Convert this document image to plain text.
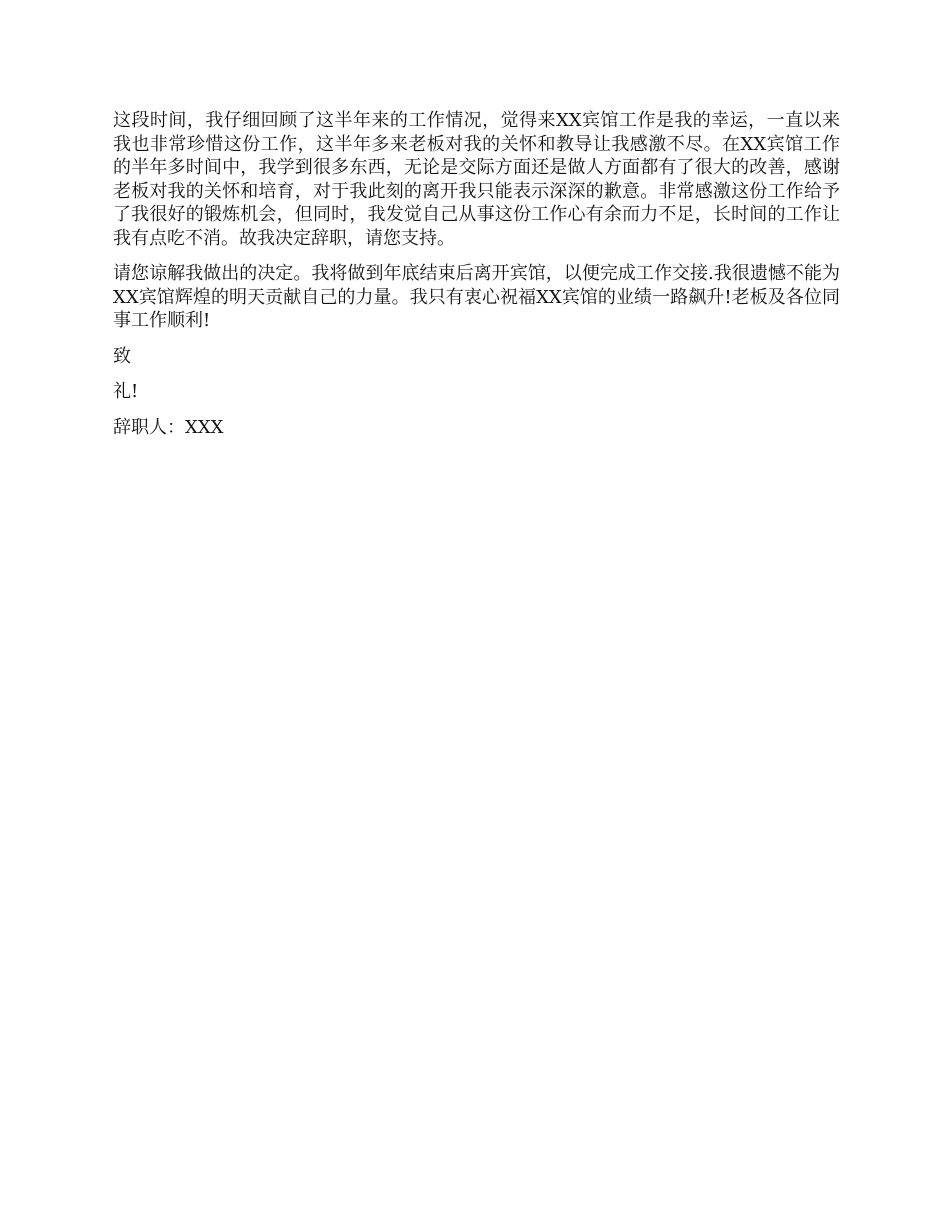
这段时间，我仔细回顾了这半年来的工作情况，觉得来XX宾馆工作是我的幸运，一直以来我也非常珍惜这份工作，这半年多来老板对我的关怀和教导让我感激不尽。在XX宾馆工作的半年多时间中，我学到很多东西，无论是交际方面还是做人方面都有了很大的改善，感谢老板对我的关怀和培育，对于我此刻的离开我只能表示深深的歉意。非常感激这份工作给予了我很好的锻炼机会，但同时，我发觉自己从事这份工作心有余而力不足，长时间的工作让我有点吃不消。故我决定辞职，请您支持。

请您谅解我做出的决定。我将做到年底结束后离开宾馆，以便完成工作交接.我很遗憾不能为XX宾馆辉煌的明天贡献自己的力量。我只有衷心祝福XX宾馆的业绩一路飙升!老板及各位同事工作顺利!

致

礼!

辞职人：XXX
